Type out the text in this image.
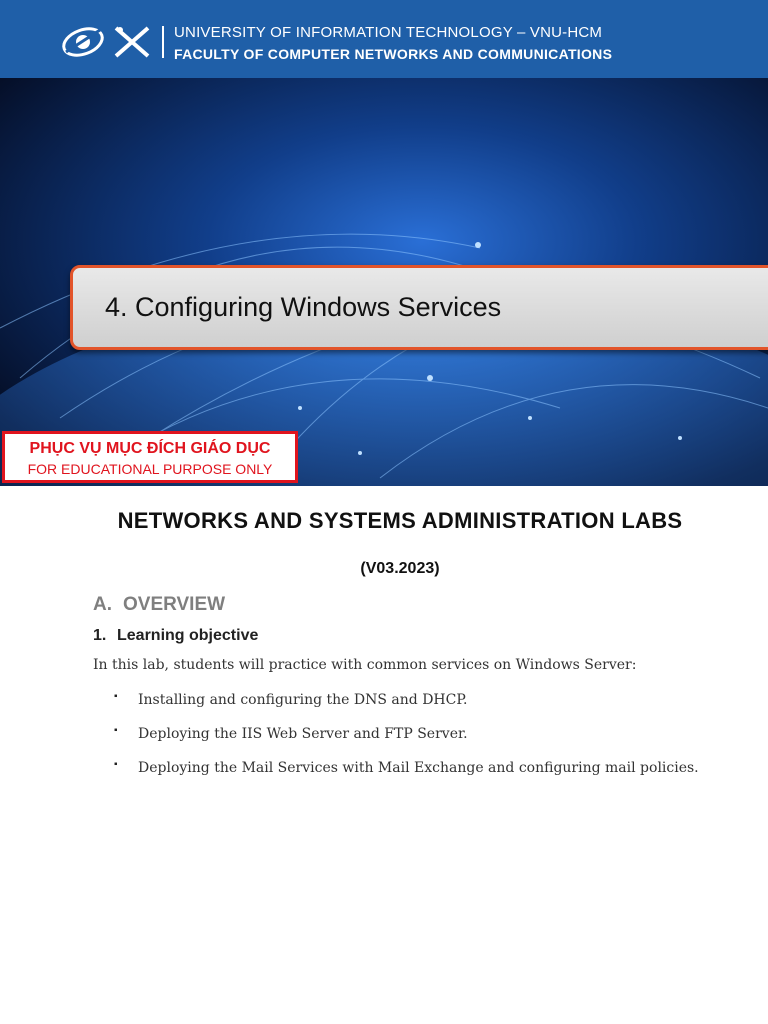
UNIVERSITY OF INFORMATION TECHNOLOGY – VNU-HCM
FACULTY OF COMPUTER NETWORKS AND COMMUNICATIONS
4. Configuring Windows Services
PHỤC VỤ MỤC ĐÍCH GIÁO DỤC
FOR EDUCATIONAL PURPOSE ONLY
NETWORKS AND SYSTEMS ADMINISTRATION LABS
(V03.2023)
A. OVERVIEW
1. Learning objective
In this lab, students will practice with common services on Windows Server:
▪ Installing and configuring the DNS and DHCP.
▪ Deploying the IIS Web Server and FTP Server.
▪ Deploying the Mail Services with Mail Exchange and configuring mail policies.
